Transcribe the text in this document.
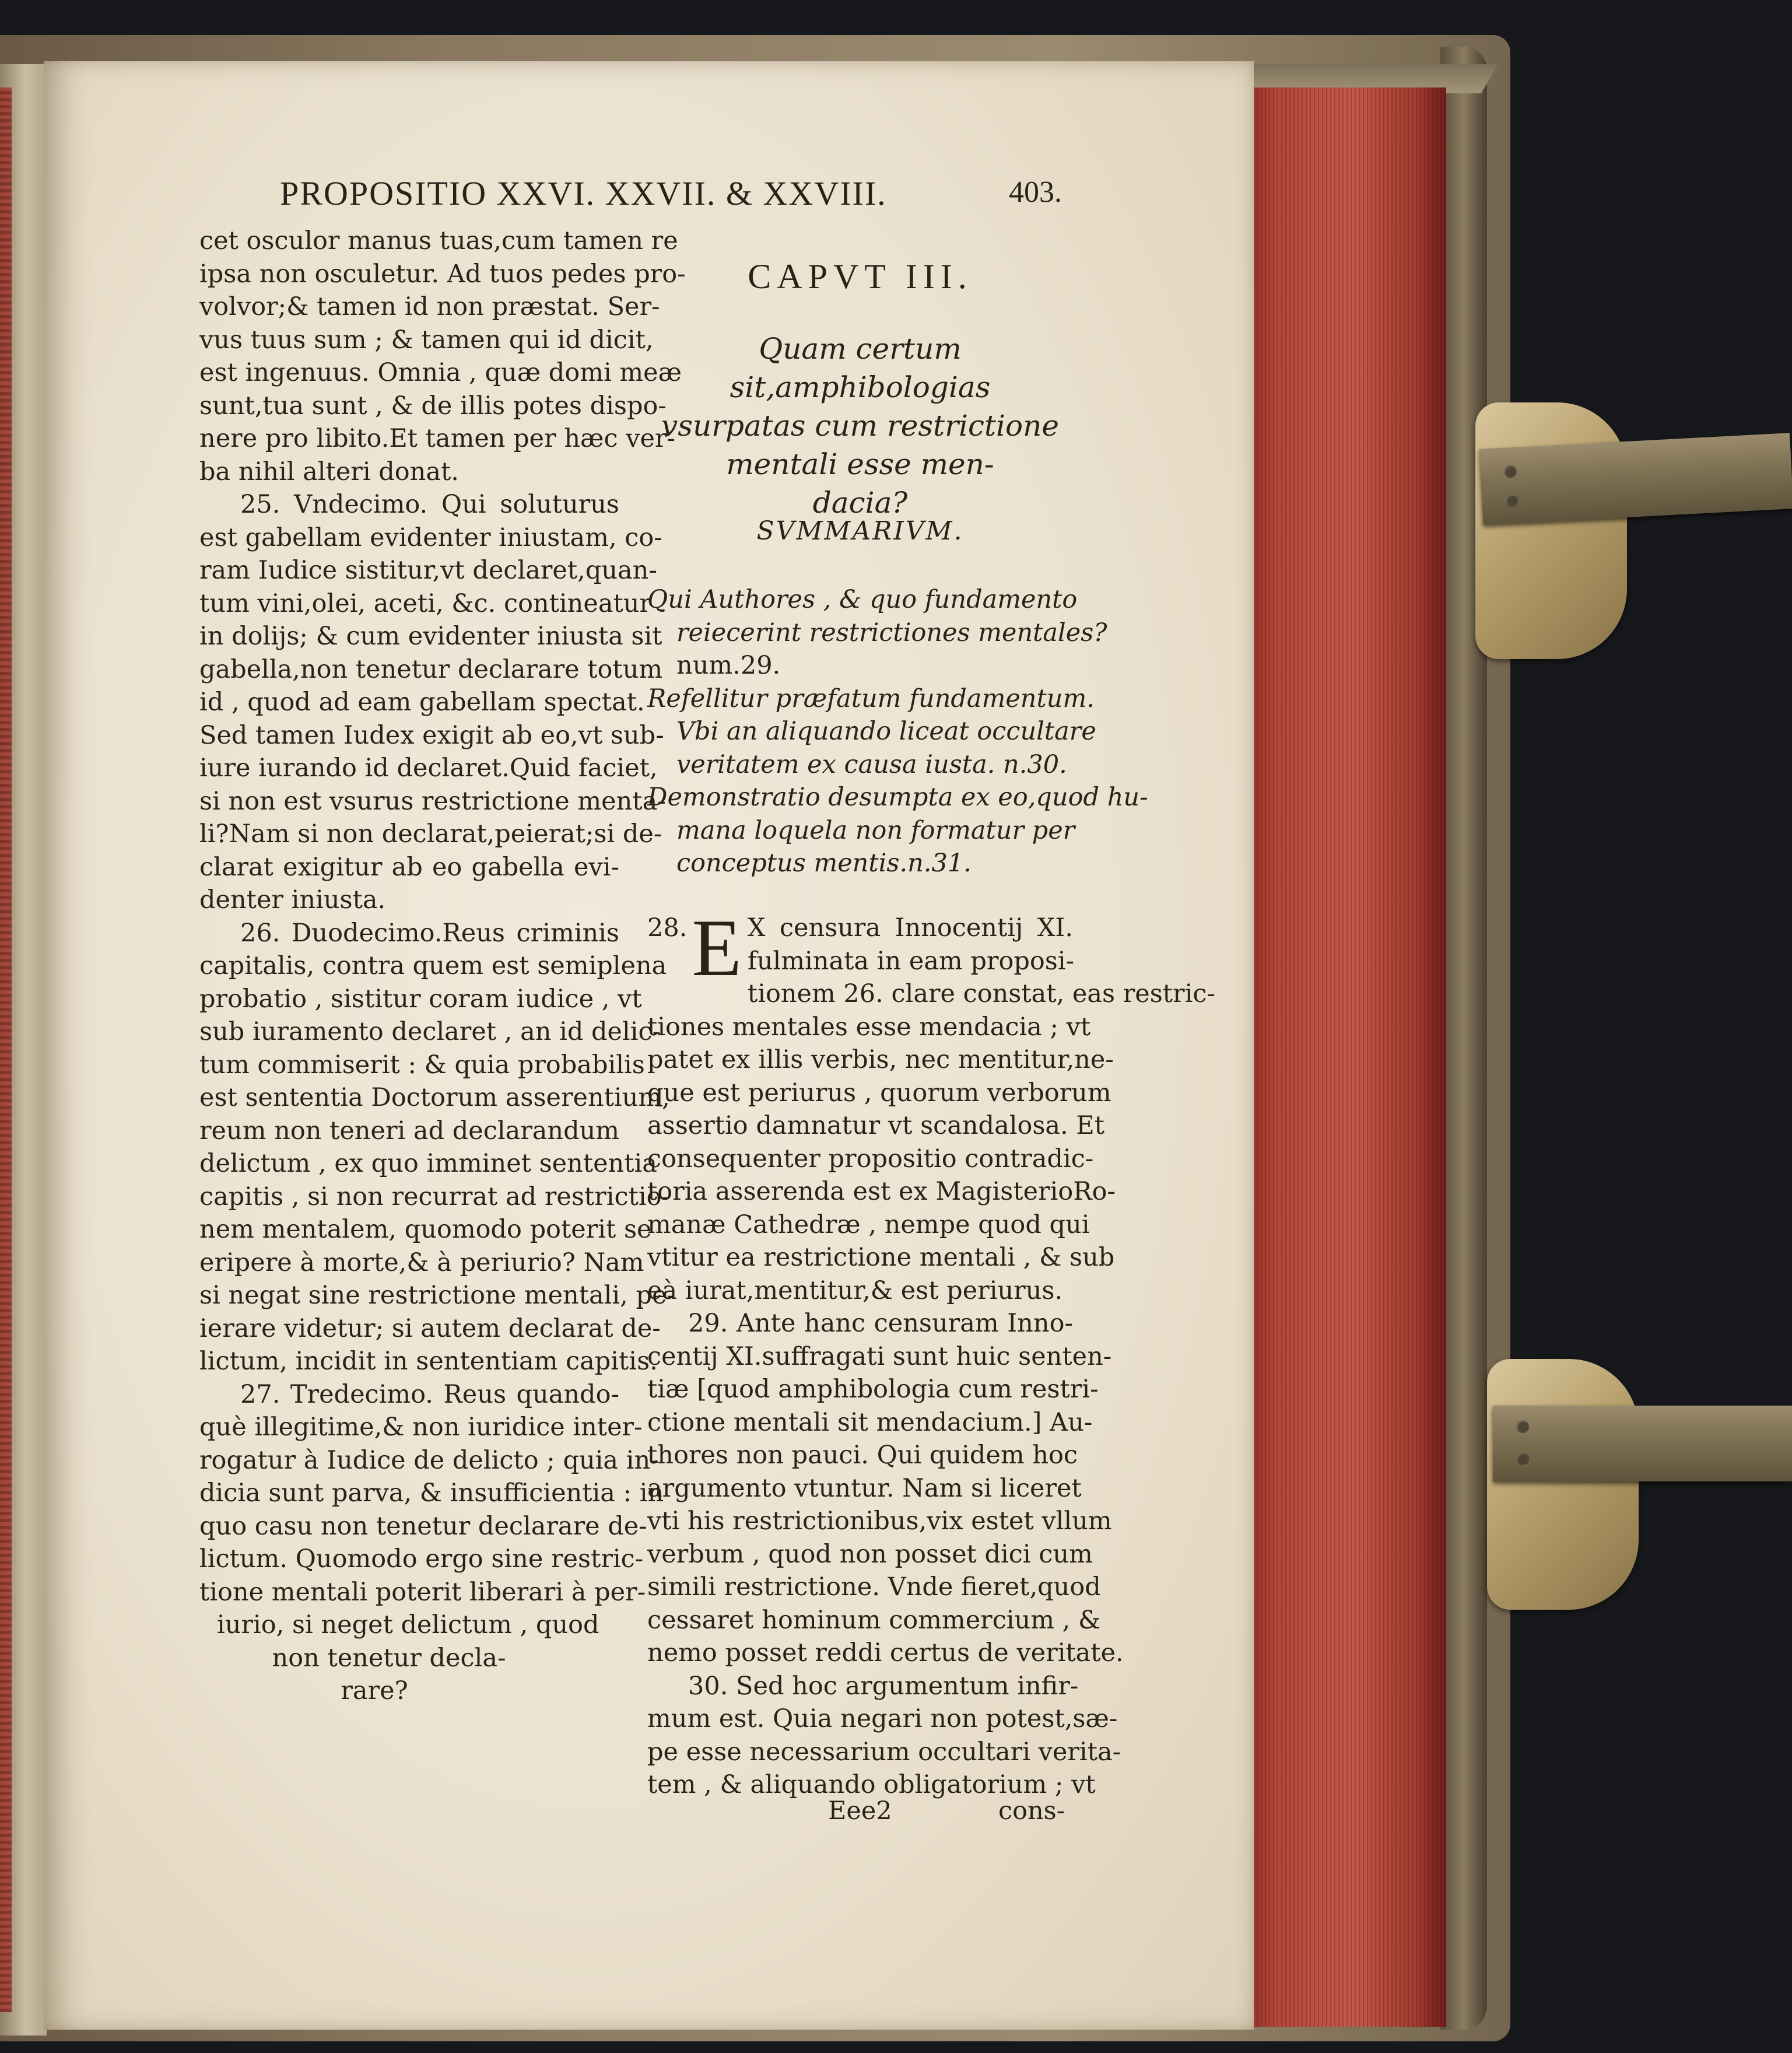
PROPOSITIO XXVI. XXVII. & XXVIII.	403.
cet osculor manus tuas,cum tamen re
ipsa non osculetur. Ad tuos pedes pro-
volvor;& tamen id non præstat. Ser-
vus tuus sum ; & tamen qui id dicit,
est ingenuus. Omnia , quæ domi meæ
sunt,tua sunt , & de illis potes dispo-
nere pro libito.Et tamen per hæc ver-
ba nihil alteri donat.
25. Vndecimo. Qui soluturus
est gabellam evidenter iniustam, co-
ram Iudice sistitur,vt declaret,quan-
tum vini,olei, aceti, &c. contineatur
in dolijs; & cum evidenter iniusta sit
gabella,non tenetur declarare totum
id , quod ad eam gabellam spectat.
Sed tamen Iudex exigit ab eo,vt sub-
iure iurando id declaret.Quid faciet,
si non est vsurus restrictione menta-
li?Nam si non declarat,peierat;si de-
clarat exigitur ab eo gabella evi-
denter iniusta.
26. Duodecimo.Reus criminis
capitalis, contra quem est semiplena
probatio , sistitur coram iudice , vt
sub iuramento declaret , an id delic-
tum commiserit : & quia probabilis
est sententia Doctorum asserentium,
reum non teneri ad declarandum
delictum , ex quo imminet sententia
capitis , si non recurrat ad restrictio-
nem mentalem, quomodo poterit se
eripere à morte,& à periurio? Nam
si negat sine restrictione mentali, pe-
ierare videtur; si autem declarat de-
lictum, incidit in sententiam capitis.
27. Tredecimo. Reus quando-
què illegitime,& non iuridice inter-
rogatur à Iudice de delicto ; quia in-
dicia sunt parva, & insufficientia : in
quo casu non tenetur declarare de-
lictum. Quomodo ergo sine restric-
tione mentali poterit liberari à per-
iurio, si neget delictum , quod
non tenetur decla-
rare?
CAPVT III.
Quam certum sit,amphibologias
vsurpatas cum restrictione
mentali esse men-
dacia?
SVMMARIVM.
Qui Authores , & quo fundamento
reiecerint restrictiones mentales?
num.29.
Refellitur præfatum fundamentum.
Vbi an aliquando liceat occultare
veritatem ex causa iusta. n.30.
Demonstratio desumpta ex eo,quod hu-
mana loquela non formatur per
conceptus mentis.n.31.
28. E X censura Innocentij XI.
fulminata in eam proposi-
tionem 26. clare constat, eas restric-
tiones mentales esse mendacia ; vt
patet ex illis verbis, nec mentitur,ne-
que est periurus , quorum verborum
assertio damnatur vt scandalosa. Et
consequenter propositio contradic-
toria asserenda est ex MagisterioRo-
manæ Cathedræ , nempe quod qui
vtitur ea restrictione mentali , & sub
eà iurat,mentitur,& est periurus.
29. Ante hanc censuram Inno-
centij XI.suffragati sunt huic senten-
tiæ [quod amphibologia cum restri-
ctione mentali sit mendacium.] Au-
thores non pauci. Qui quidem hoc
argumento vtuntur. Nam si liceret
vti his restrictionibus,vix estet vllum
verbum , quod non posset dici cum
simili restrictione. Vnde fieret,quod
cessaret hominum commercium , &
nemo posset reddi certus de veritate.
30. Sed hoc argumentum infir-
mum est. Quia negari non potest,sæ-
pe esse necessarium occultari verita-
tem , & aliquando obligatorium ; vt
Eee2	cons-
